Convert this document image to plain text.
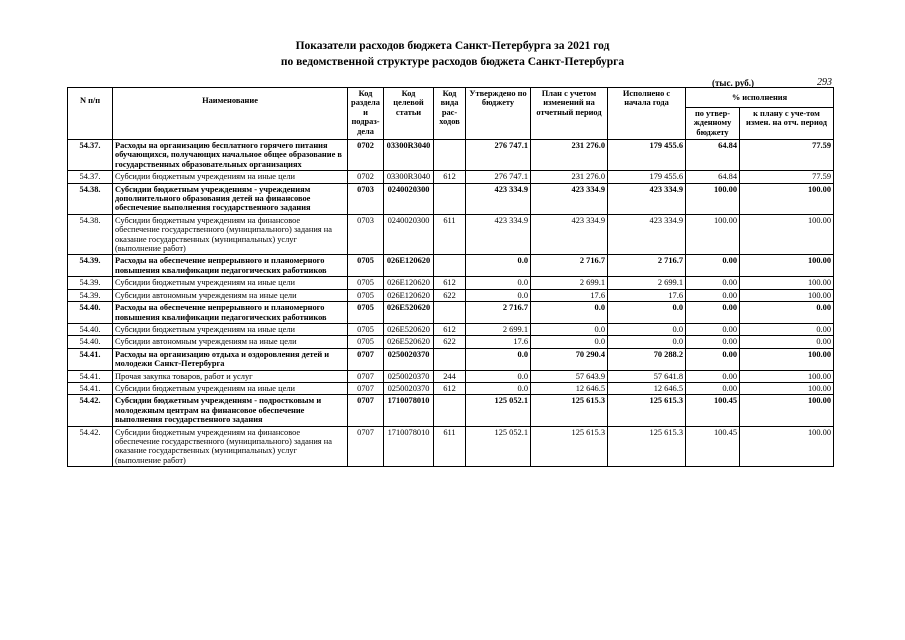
Показатели расходов бюджета Санкт-Петербурга за 2021 год
по ведомственной структуре расходов бюджета Санкт-Петербурга
(тыс. руб.)	293
N п/п	Наименование	Код раздела и подраз-дела	Код целевой статьи	Код вида рас-ходов	Утверждено по бюджету	План с учетом изменений на отчетный период	Исполнено с начала года	% исполнения	
								по утвер-жденному бюджету	к плану с уче-том измен. на отч. период
54.37.	Расходы на организацию бесплатного горячего питания обучающихся, получающих начальное общее образование в государственных образовательных организациях	0702	03300R3040		276 747.1	231 276.0	179 455.6	64.84	77.59
54.37.	Субсидии бюджетным учреждениям на иные цели	0702	03300R3040	612	276 747.1	231 276.0	179 455.6	64.84	77.59
54.38.	Субсидии бюджетным учреждениям - учреждениям дополнительного образования детей на финансовое обеспечение выполнения государственного задания	0703	0240020300		423 334.9	423 334.9	423 334.9	100.00	100.00
54.38.	Субсидии бюджетным учреждениям на финансовое обеспечение государственного (муниципального) задания на оказание государственных (муниципальных) услуг (выполнение работ)	0703	0240020300	611	423 334.9	423 334.9	423 334.9	100.00	100.00
54.39.	Расходы на обеспечение непрерывного и планомерного повышения квалификации педагогических работников	0705	026Е120620		0.0	2 716.7	2 716.7	0.00	100.00
54.39.	Субсидии бюджетным учреждениям на иные цели	0705	026Е120620	612	0.0	2 699.1	2 699.1	0.00	100.00
54.39.	Субсидии автономным учреждениям на иные цели	0705	026Е120620	622	0.0	17.6	17.6	0.00	100.00
54.40.	Расходы на обеспечение непрерывного и планомерного повышения квалификации педагогических работников	0705	026Е520620		2 716.7	0.0	0.0	0.00	0.00
54.40.	Субсидии бюджетным учреждениям на иные цели	0705	026Е520620	612	2 699.1	0.0	0.0	0.00	0.00
54.40.	Субсидии автономным учреждениям на иные цели	0705	026Е520620	622	17.6	0.0	0.0	0.00	0.00
54.41.	Расходы на организацию отдыха и оздоровления детей и молодежи Санкт-Петербурга	0707	0250020370		0.0	70 290.4	70 288.2	0.00	100.00
54.41.	Прочая закупка товаров, работ и услуг	0707	0250020370	244	0.0	57 643.9	57 641.8	0.00	100.00
54.41.	Субсидии бюджетным учреждениям на иные цели	0707	0250020370	612	0.0	12 646.5	12 646.5	0.00	100.00
54.42.	Субсидии бюджетным учреждениям - подростковым и молодежным центрам на финансовое обеспечение выполнения государственного задания	0707	1710078010		125 052.1	125 615.3	125 615.3	100.45	100.00
54.42.	Субсидии бюджетным учреждениям на финансовое обеспечение государственного (муниципального) задания на оказание государственных (муниципальных) услуг (выполнение работ)	0707	1710078010	611	125 052.1	125 615.3	125 615.3	100.45	100.00
